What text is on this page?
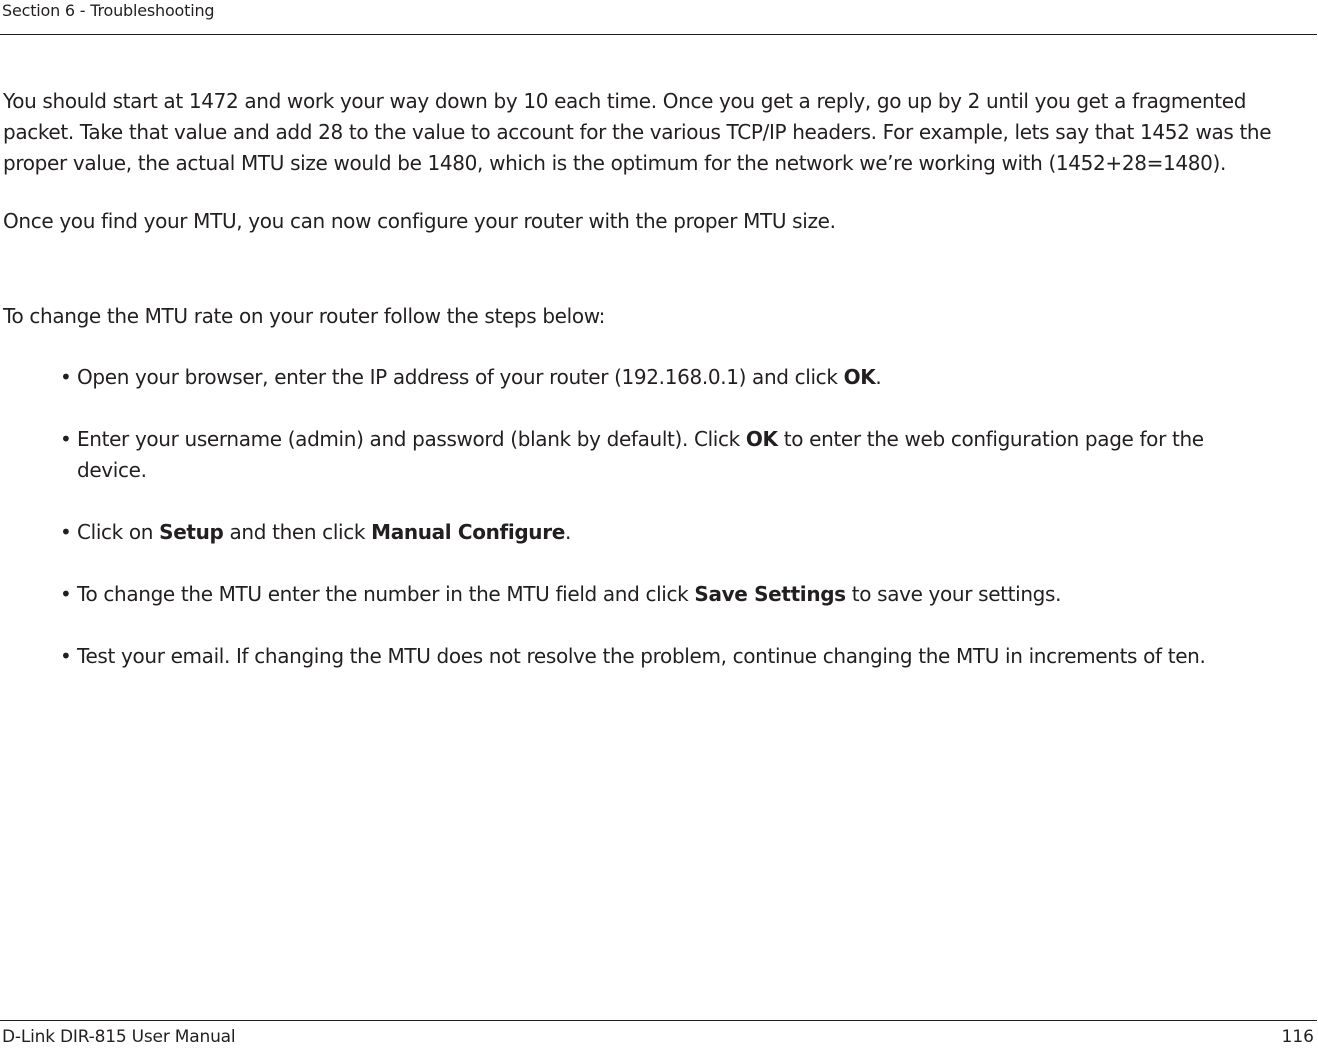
Section 6 - Troubleshooting

You should start at 1472 and work your way down by 10 each time. Once you get a reply, go up by 2 until you get a fragmented packet. Take that value and add 28 to the value to account for the various TCP/IP headers. For example, lets say that 1452 was the proper value, the actual MTU size would be 1480, which is the optimum for the network we’re working with (1452+28=1480).

Once you find your MTU, you can now configure your router with the proper MTU size.

To change the MTU rate on your router follow the steps below:

• Open your browser, enter the IP address of your router (192.168.0.1) and click OK.
• Enter your username (admin) and password (blank by default). Click OK to enter the web configuration page for the device.
• Click on Setup and then click Manual Configure.
• To change the MTU enter the number in the MTU field and click Save Settings to save your settings.
• Test your email. If changing the MTU does not resolve the problem, continue changing the MTU in increments of ten.
D-Link DIR-815 User Manual	116
